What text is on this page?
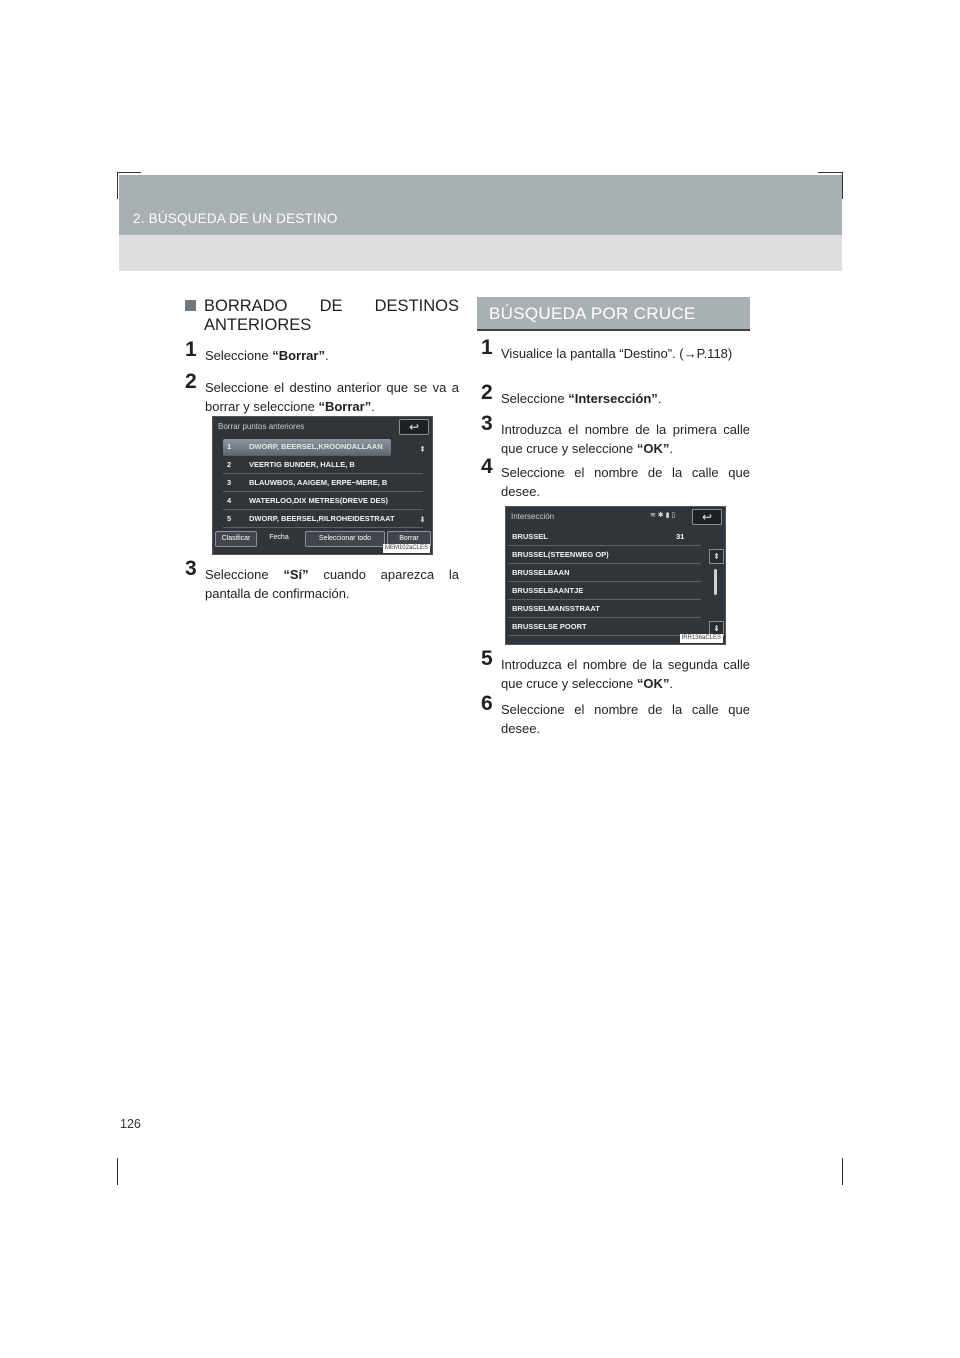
2. BÚSQUEDA DE UN DESTINO
BORRADO DE DESTINOS
ANTERIORES
1 Seleccione “Borrar”.
2 Seleccione el destino anterior que se va a borrar y seleccione “Borrar”.
Borrar puntos anteriores	↩
1 DWORP, BEERSEL,KROONDALLAAN
2 VEERTIG BUNDER, HALLE, B
3 BLAUWBOS, AAIGEM, ERPE−MERE, B
4 WATERLOO,DIX METRES(DREVE DES)
5 DWORP, BEERSEL,RILROHEIDESTRAAT
⇞
⇟
Clasificar	Fecha	Seleccionar todo	Borrar
MEM102aCLES
3 Seleccione “Sí” cuando aparezca la pantalla de confirmación.
BÚSQUEDA POR CRUCE
1 Visualice la pantalla “Destino”. (→P.118)
2 Seleccione “Intersección”.
3 Introduzca el nombre de la primera calle que cruce y seleccione “OK”.
4 Seleccione el nombre de la calle que desee.
Intersección	≋ ✱ ▮ ▯	↩
BRUSSEL	31
BRUSSEL(STEENWEG OP)
BRUSSELBAAN
BRUSSELBAANTJE
BRUSSELMANSSTRAAT
BRUSSELSE POORT
⇞
⇟
IRR136aCLES
5 Introduzca el nombre de la segunda calle que cruce y seleccione “OK”.
6 Seleccione el nombre de la calle que desee.
126
